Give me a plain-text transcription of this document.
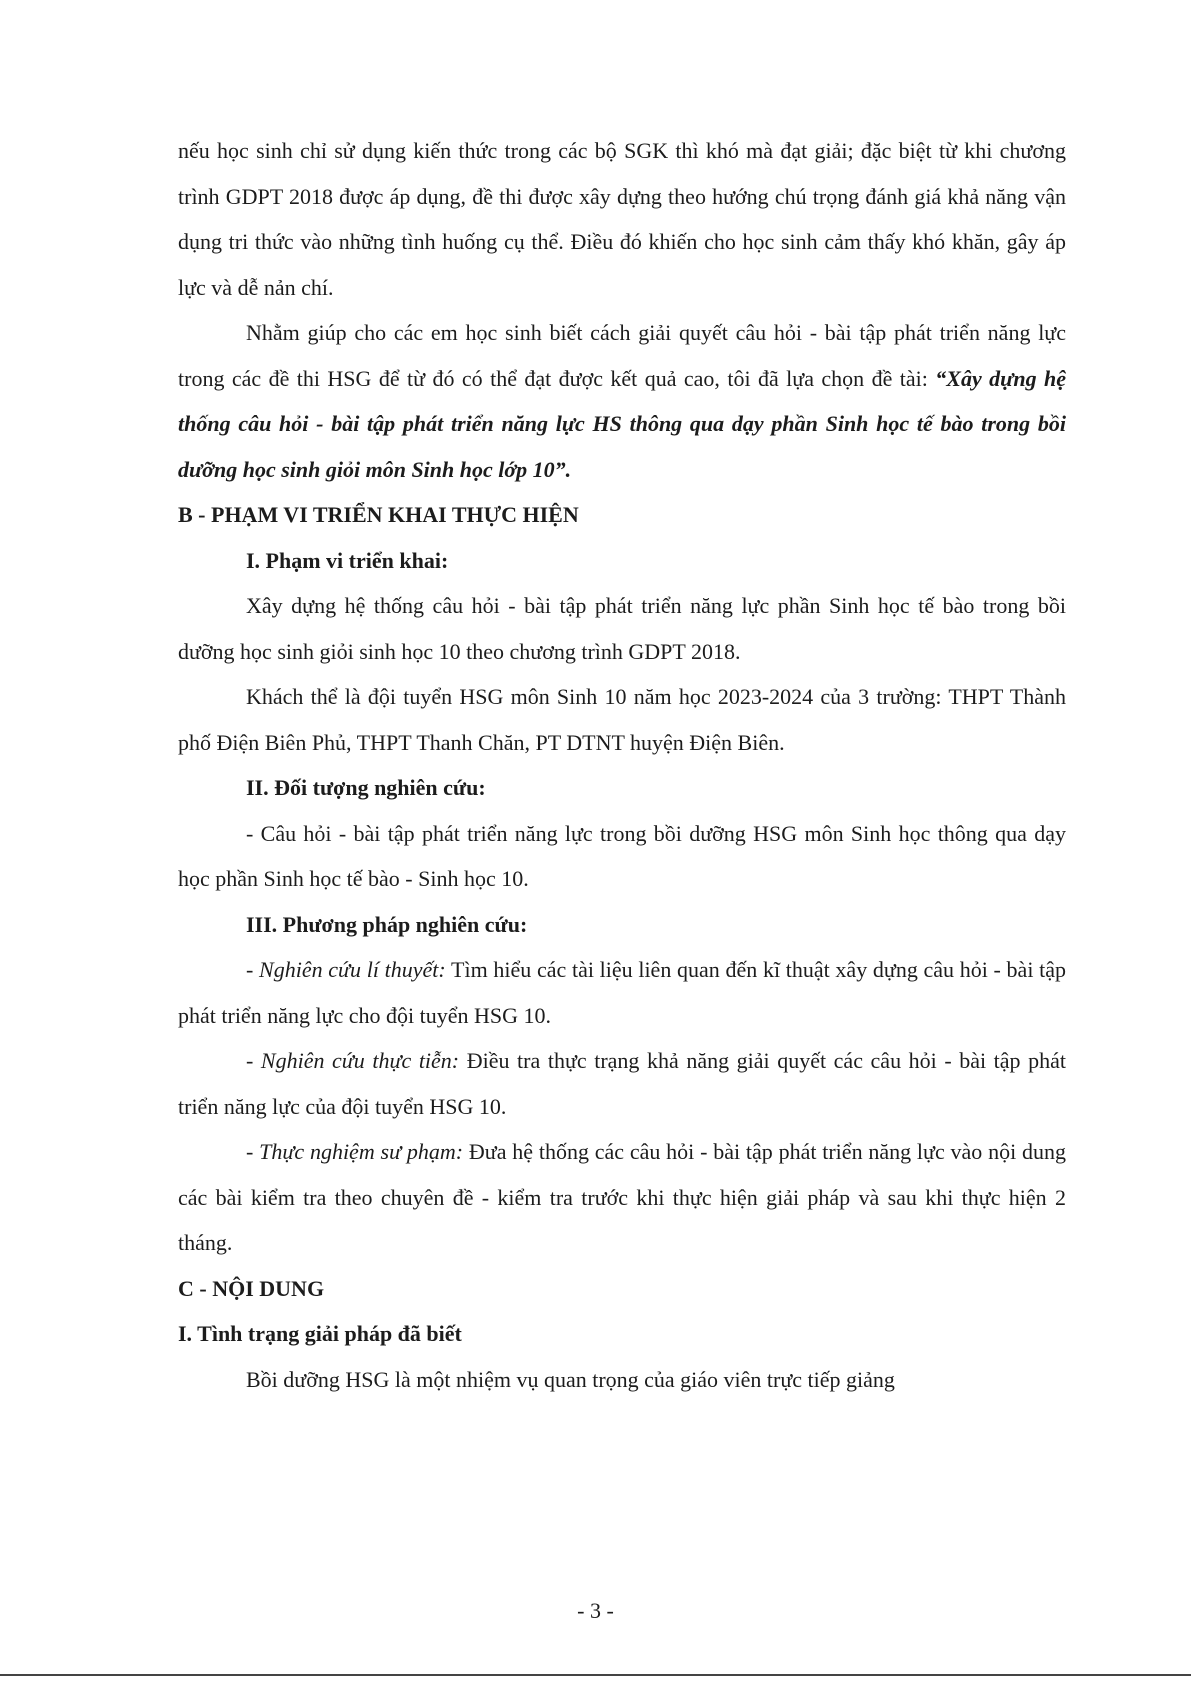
nếu học sinh chỉ sử dụng kiến thức trong các bộ SGK thì khó mà đạt giải; đặc biệt từ khi chương trình GDPT 2018 được áp dụng, đề thi được xây dựng theo hướng chú trọng đánh giá khả năng vận dụng tri thức vào những tình huống cụ thể. Điều đó khiến cho học sinh cảm thấy khó khăn, gây áp lực và dễ nản chí.

Nhằm giúp cho các em học sinh biết cách giải quyết câu hỏi - bài tập phát triển năng lực trong các đề thi HSG để từ đó có thể đạt được kết quả cao, tôi đã lựa chọn đề tài: “Xây dựng hệ thống câu hỏi - bài tập phát triển năng lực HS thông qua dạy phần Sinh học tế bào trong bồi dưỡng học sinh giỏi môn Sinh học lớp 10”.

B - PHẠM VI TRIỂN KHAI THỰC HIỆN

I. Phạm vi triển khai:

Xây dựng hệ thống câu hỏi - bài tập phát triển năng lực phần Sinh học tế bào trong bồi dưỡng học sinh giỏi sinh học 10 theo chương trình GDPT 2018.

Khách thể là đội tuyển HSG môn Sinh 10 năm học 2023-2024 của 3 trường: THPT Thành phố Điện Biên Phủ, THPT Thanh Chăn, PT DTNT huyện Điện Biên.

II. Đối tượng nghiên cứu:

- Câu hỏi - bài tập phát triển năng lực trong bồi dưỡng HSG môn Sinh học thông qua dạy học phần Sinh học tế bào - Sinh học 10.

III. Phương pháp nghiên cứu:

- Nghiên cứu lí thuyết: Tìm hiểu các tài liệu liên quan đến kĩ thuật xây dựng câu hỏi - bài tập phát triển năng lực cho đội tuyển HSG 10.

- Nghiên cứu thực tiễn: Điều tra thực trạng khả năng giải quyết các câu hỏi - bài tập phát triển năng lực của đội tuyển HSG 10.

- Thực nghiệm sư phạm: Đưa hệ thống các câu hỏi - bài tập phát triển năng lực vào nội dung các bài kiểm tra theo chuyên đề - kiểm tra trước khi thực hiện giải pháp và sau khi thực hiện 2 tháng.

C - NỘI DUNG

I. Tình trạng giải pháp đã biết

Bồi dưỡng HSG là một nhiệm vụ quan trọng của giáo viên trực tiếp giảng

- 3 -
